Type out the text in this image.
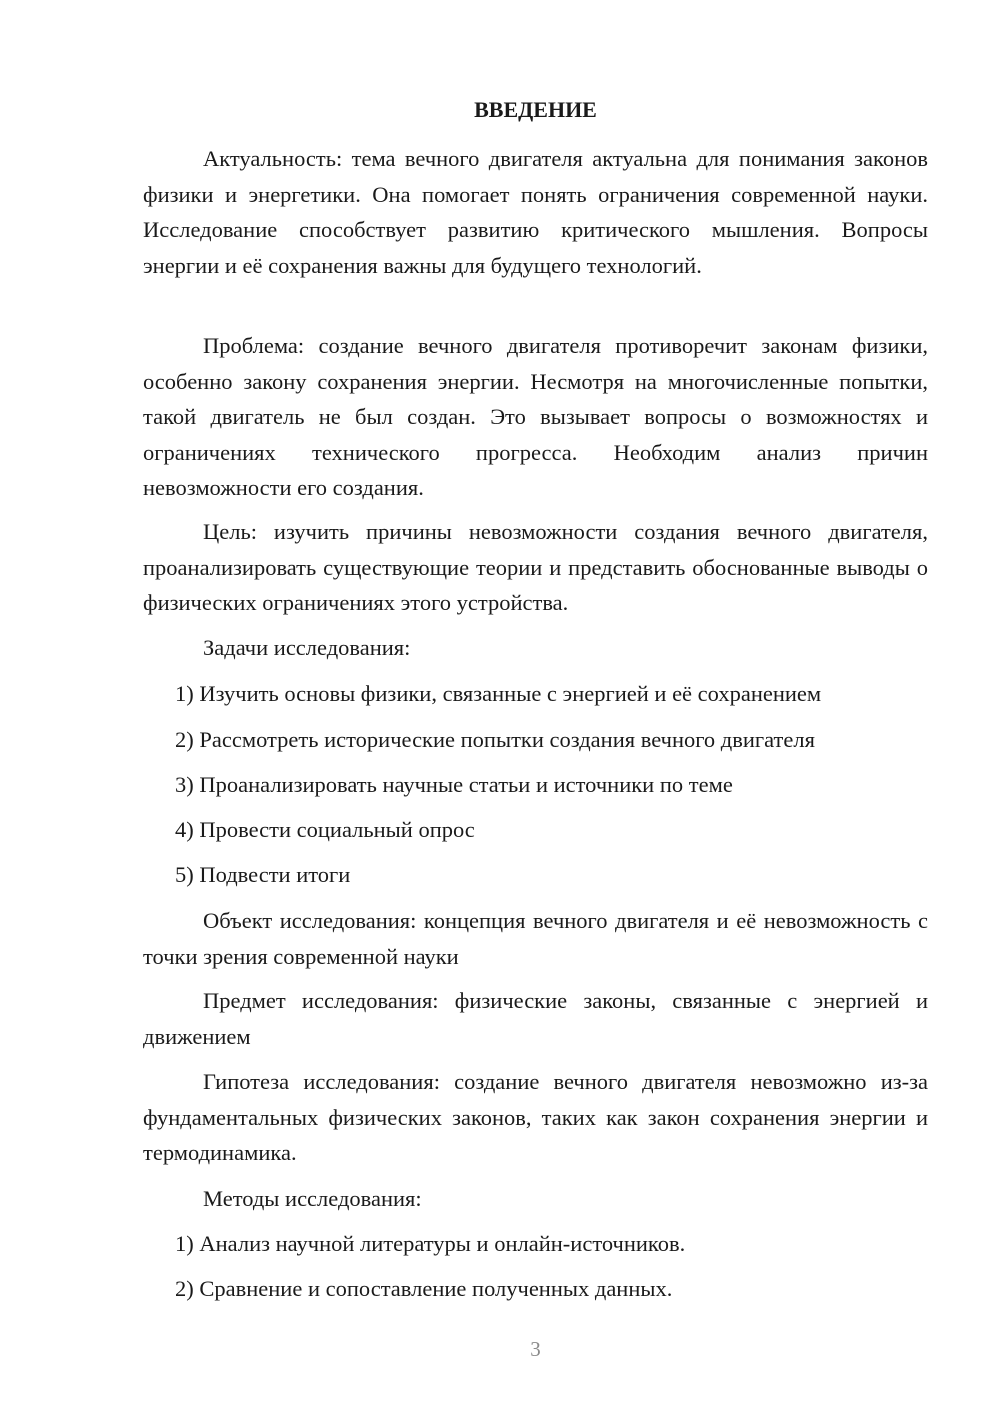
ВВЕДЕНИЕ

Актуальность: тема вечного двигателя актуальна для понимания законов физики и энергетики. Она помогает понять ограничения современной науки. Исследование способствует развитию критического мышления. Вопросы энергии и её сохранения важны для будущего технологий.

Проблема: создание вечного двигателя противоречит законам физики, особенно закону сохранения энергии. Несмотря на многочисленные попытки, такой двигатель не был создан. Это вызывает вопросы о возможностях и ограничениях технического прогресса. Необходим анализ причин невозможности его создания.

Цель: изучить причины невозможности создания вечного двигателя, проанализировать существующие теории и представить обоснованные выводы о физических ограничениях этого устройства.

Задачи исследования:

1) Изучить основы физики, связанные с энергией и её сохранением

2) Рассмотреть исторические попытки создания вечного двигателя

3) Проанализировать научные статьи и источники по теме

4) Провести социальный опрос

5) Подвести итоги

Объект исследования: концепция вечного двигателя и её невозможность с точки зрения современной науки

Предмет исследования: физические законы, связанные с энергией и движением

Гипотеза исследования: создание вечного двигателя невозможно из-за фундаментальных физических законов, таких как закон сохранения энергии и термодинамика.

Методы исследования:

1) Анализ научной литературы и онлайн-источников.

2) Сравнение и сопоставление полученных данных.

3
